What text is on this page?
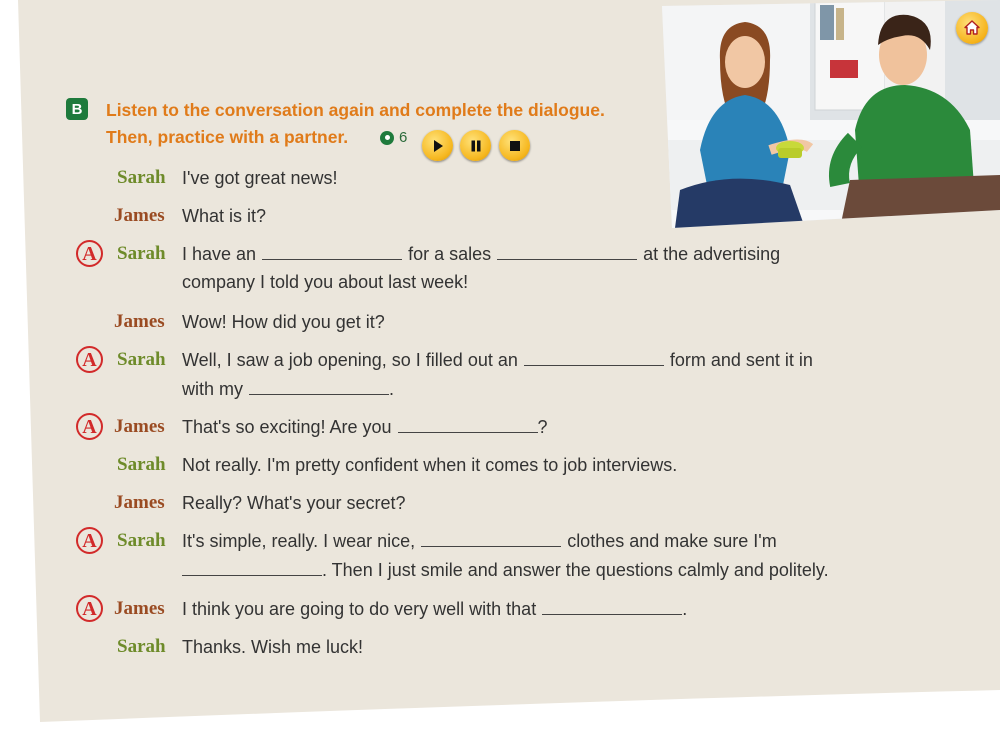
B	Listen to the conversation again and complete the dialogue.
Then, practice with a partner.	6
Sarah I've got great news!
James What is it?
A	Sarah I have an	for a sales	at the advertising
company I told you about last week!
James Wow! How did you get it?
A	Sarah Well, I saw a job opening, so I filled out an	form and sent it in
with my	.
A James That's so exciting! Are you	?
Sarah Not really. I'm pretty confident when it comes to job interviews.
James Really? What's your secret?
A	Sarah It's simple, really. I wear nice,	clothes and make sure I'm
. Then I just smile and answer the questions calmly and politely.
A James I think you are going to do very well with that	.
Sarah Thanks. Wish me luck!
